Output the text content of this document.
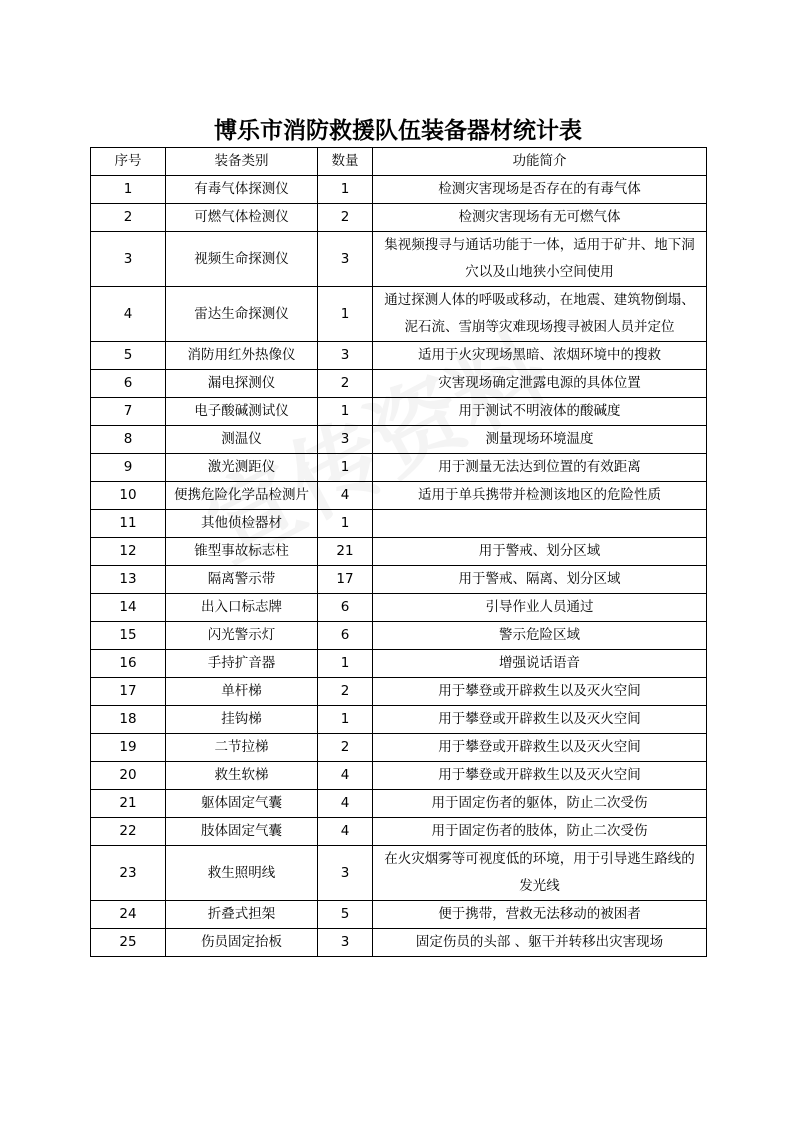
博乐市消防救援队伍装备器材统计表
序号	装备类别	数量	功能简介
1	有毒气体探测仪	1	检测灾害现场是否存在的有毒气体
2	可燃气体检测仪	2	检测灾害现场有无可燃气体
3	视频生命探测仪	3	集视频搜寻与通话功能于一体，适用于矿井、地下洞穴以及山地狭小空间使用
4	雷达生命探测仪	1	通过探测人体的呼吸或移动，在地震、建筑物倒塌、泥石流、雪崩等灾难现场搜寻被困人员并定位
5	消防用红外热像仪	3	适用于火灾现场黑暗、浓烟环境中的搜救
6	漏电探测仪	2	灾害现场确定泄露电源的具体位置
7	电子酸碱测试仪	1	用于测试不明液体的酸碱度
8	测温仪	3	测量现场环境温度
9	激光测距仪	1	用于测量无法达到位置的有效距离
10	便携危险化学品检测片	4	适用于单兵携带并检测该地区的危险性质
11	其他侦检器材	1	
12	锥型事故标志柱	21	用于警戒、划分区域
13	隔离警示带	17	用于警戒、隔离、划分区域
14	出入口标志牌	6	引导作业人员通过
15	闪光警示灯	6	警示危险区域
16	手持扩音器	1	增强说话语音
17	单杆梯	2	用于攀登或开辟救生以及灭火空间
18	挂钩梯	1	用于攀登或开辟救生以及灭火空间
19	二节拉梯	2	用于攀登或开辟救生以及灭火空间
20	救生软梯	4	用于攀登或开辟救生以及灭火空间
21	躯体固定气囊	4	用于固定伤者的躯体，防止二次受伤
22	肢体固定气囊	4	用于固定伤者的肢体，防止二次受伤
23	救生照明线	3	在火灾烟雾等可视度低的环境，用于引导逃生路线的发光线
24	折叠式担架	5	便于携带，营救无法移动的被困者
25	伤员固定抬板	3	固定伤员的头部 、躯干并转移出灾害现场
